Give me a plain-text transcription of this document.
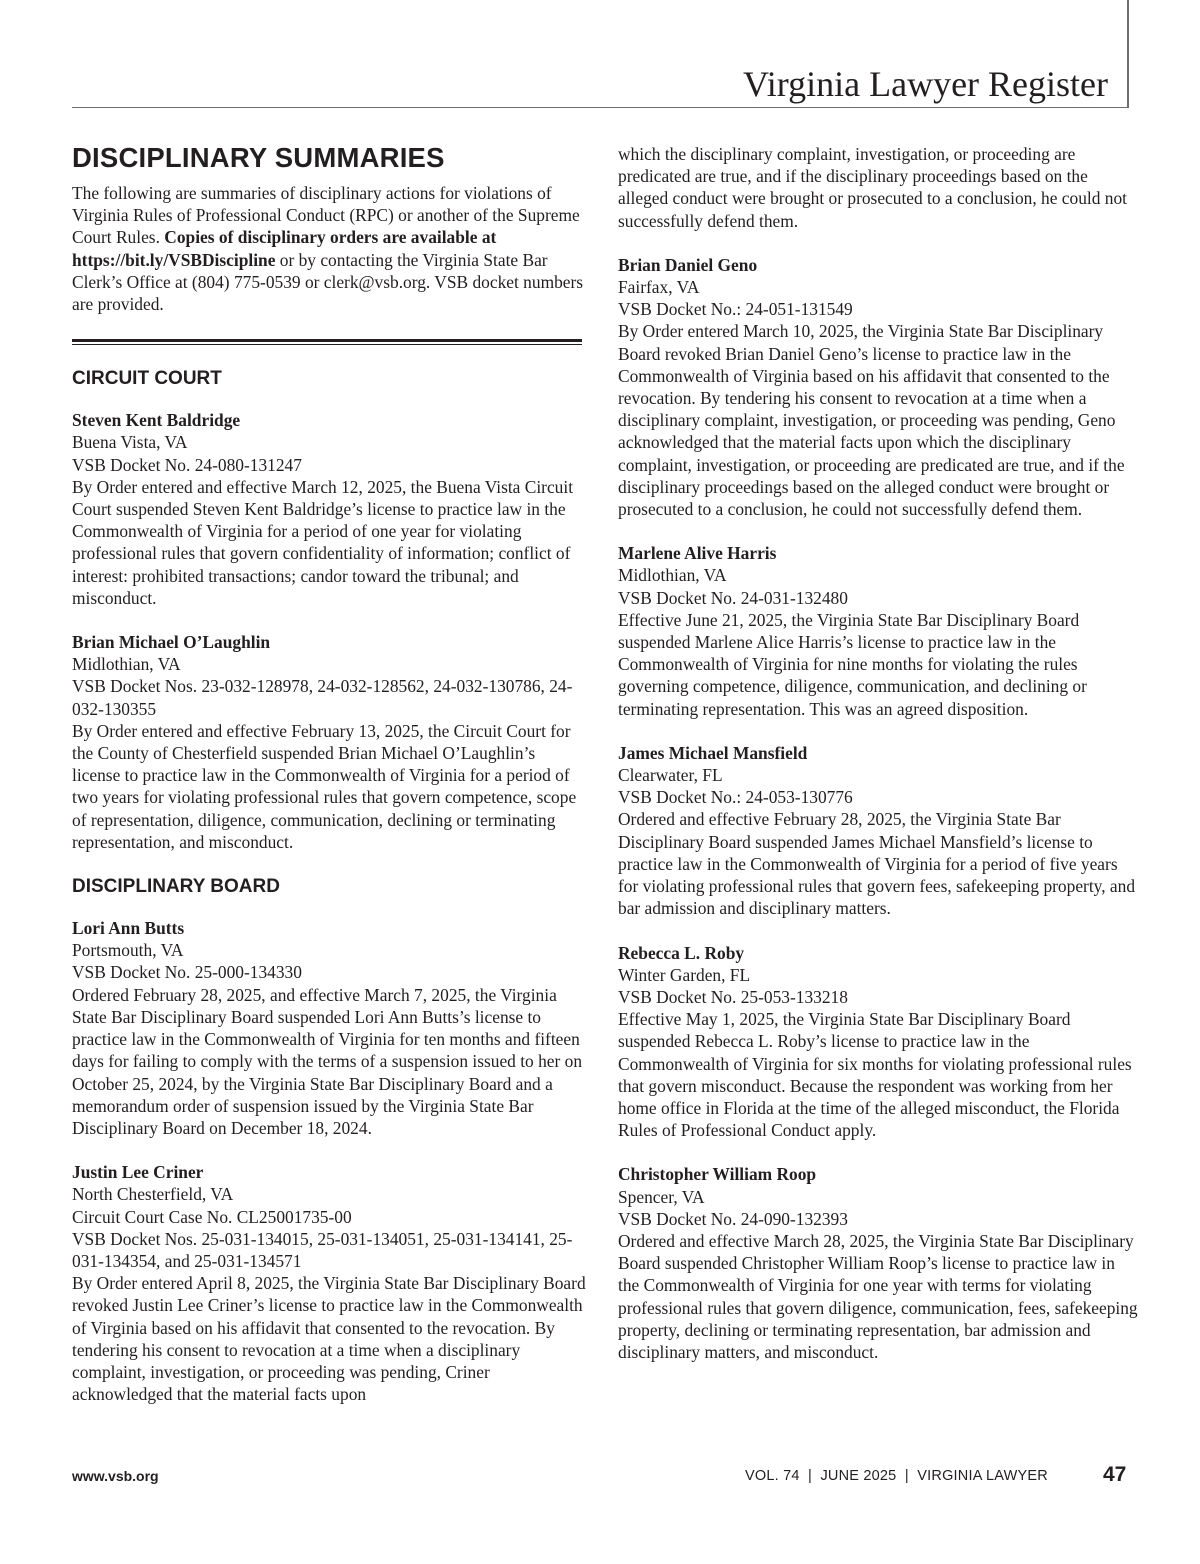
Virginia Lawyer Register
DISCIPLINARY SUMMARIES

The following are summaries of disciplinary actions for violations of Virginia Rules of Professional Conduct (RPC) or another of the Supreme Court Rules. Copies of disciplinary orders are available at https://bit.ly/VSBDiscipline or by contacting the Virginia State Bar Clerk’s Office at (804) 775-0539 or clerk@vsb.org. VSB docket numbers are provided.

CIRCUIT COURT

Steven Kent Baldridge

Buena Vista, VA

VSB Docket No. 24-080-131247

By Order entered and effective March 12, 2025, the Buena Vista Circuit Court suspended Steven Kent Baldridge’s license to practice law in the Commonwealth of Virginia for a period of one year for violating professional rules that govern confidentiality of information; conflict of interest: prohibited transactions; candor toward the tribunal; and misconduct.

Brian Michael O’Laughlin

Midlothian, VA

VSB Docket Nos. 23-032-128978, 24-032-128562, 24-032-130786, 24-032-130355

By Order entered and effective February 13, 2025, the Circuit Court for the County of Chesterfield suspended Brian Michael O’Laughlin’s license to practice law in the Commonwealth of Virginia for a period of two years for violating professional rules that govern competence, scope of representation, diligence, communication, declining or terminating representation, and misconduct.

DISCIPLINARY BOARD

Lori Ann Butts

Portsmouth, VA

VSB Docket No. 25-000-134330

Ordered February 28, 2025, and effective March 7, 2025, the Virginia State Bar Disciplinary Board suspended Lori Ann Butts’s license to practice law in the Commonwealth of Virginia for ten months and fifteen days for failing to comply with the terms of a suspension issued to her on October 25, 2024, by the Virginia State Bar Disciplinary Board and a memorandum order of suspension issued by the Virginia State Bar Disciplinary Board on December 18, 2024.

Justin Lee Criner

North Chesterfield, VA

Circuit Court Case No. CL25001735-00

VSB Docket Nos. 25-031-134015, 25-031-134051, 25-031-134141, 25-031-134354, and 25-031-134571

By Order entered April 8, 2025, the Virginia State Bar Disciplinary Board revoked Justin Lee Criner’s license to practice law in the Commonwealth of Virginia based on his affidavit that consented to the revocation. By tendering his consent to revocation at a time when a disciplinary complaint, investigation, or proceeding was pending, Criner acknowledged that the material facts upon

which the disciplinary complaint, investigation, or proceeding are predicated are true, and if the disciplinary proceedings based on the alleged conduct were brought or prosecuted to a conclusion, he could not successfully defend them.

Brian Daniel Geno

Fairfax, VA

VSB Docket No.: 24-051-131549

By Order entered March 10, 2025, the Virginia State Bar Disciplinary Board revoked Brian Daniel Geno’s license to practice law in the Commonwealth of Virginia based on his affidavit that consented to the revocation. By tendering his consent to revocation at a time when a disciplinary complaint, investigation, or proceeding was pending, Geno acknowledged that the material facts upon which the disciplinary complaint, investigation, or proceeding are predicated are true, and if the disciplinary proceedings based on the alleged conduct were brought or prosecuted to a conclusion, he could not successfully defend them.

Marlene Alive Harris

Midlothian, VA

VSB Docket No. 24-031-132480

Effective June 21, 2025, the Virginia State Bar Disciplinary Board suspended Marlene Alice Harris’s license to practice law in the Commonwealth of Virginia for nine months for violating the rules governing competence, diligence, communication, and declining or terminating representation. This was an agreed disposition.

James Michael Mansfield

Clearwater, FL

VSB Docket No.: 24-053-130776

Ordered and effective February 28, 2025, the Virginia State Bar Disciplinary Board suspended James Michael Mansfield’s license to practice law in the Commonwealth of Virginia for a period of five years for violating professional rules that govern fees, safekeeping property, and bar admission and disciplinary matters.

Rebecca L. Roby

Winter Garden, FL

VSB Docket No. 25-053-133218

Effective May 1, 2025, the Virginia State Bar Disciplinary Board suspended Rebecca L. Roby’s license to practice law in the Commonwealth of Virginia for six months for violating professional rules that govern misconduct. Because the respondent was working from her home office in Florida at the time of the alleged misconduct, the Florida Rules of Professional Conduct apply.

Christopher William Roop

Spencer, VA

VSB Docket No. 24-090-132393

Ordered and effective March 28, 2025, the Virginia State Bar Disciplinary Board suspended Christopher William Roop’s license to practice law in the Commonwealth of Virginia for one year with terms for violating professional rules that govern diligence, communication, fees, safekeeping property, declining or terminating representation, bar admission and disciplinary matters, and misconduct.

www.vsb.org	VOL. 74  |  JUNE 2025  |  VIRGINIA LAWYER	47
